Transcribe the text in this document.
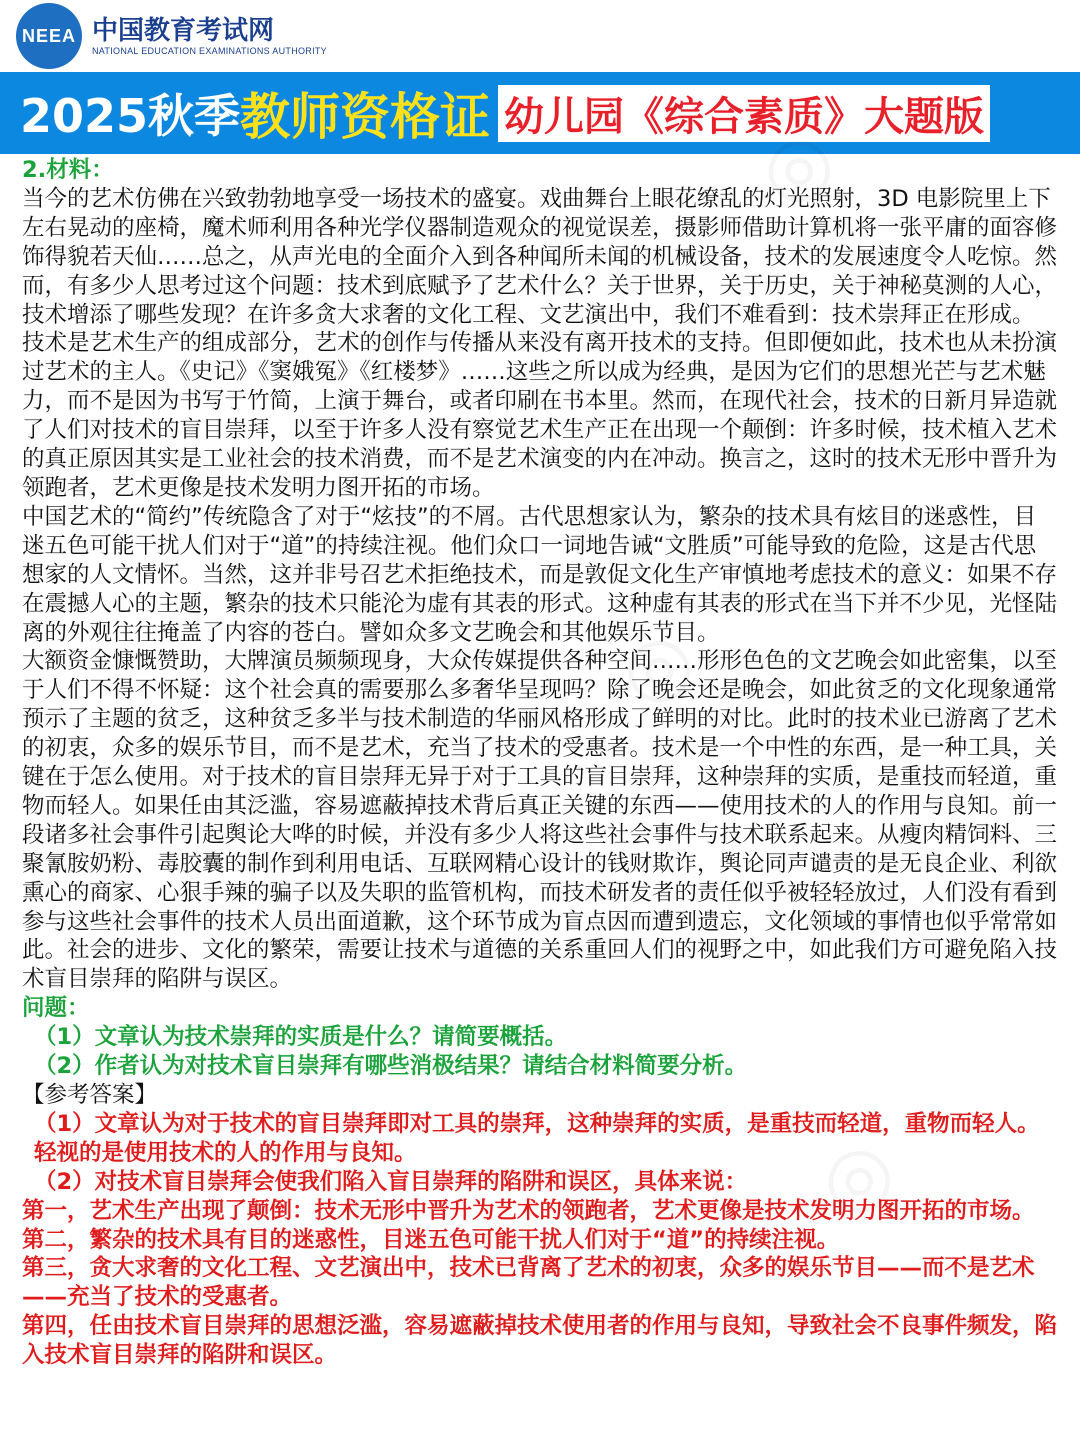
NEEA 中国教育考试网
NATIONAL EDUCATION EXAMINATIONS AUTHORITY
2025秋季 教师资格证 幼儿园《综合素质》大题版

2.材料：

当今的艺术仿佛在兴致勃勃地享受一场技术的盛宴。戏曲舞台上眼花缭乱的灯光照射，3D 电影院里上下左右晃动的座椅，魔术师利用各种光学仪器制造观众的视觉误差，摄影师借助计算机将一张平庸的面容修饰得貌若天仙……总之，从声光电的全面介入到各种闻所未闻的机械设备，技术的发展速度令人吃惊。然而，有多少人思考过这个问题：技术到底赋予了艺术什么？关于世界，关于历史，关于神秘莫测的人心，技术增添了哪些发现？在许多贪大求奢的文化工程、文艺演出中，我们不难看到：技术崇拜正在形成。

技术是艺术生产的组成部分，艺术的创作与传播从来没有离开技术的支持。但即便如此，技术也从未扮演过艺术的主人。《史记》《窦娥冤》《红楼梦》……这些之所以成为经典，是因为它们的思想光芒与艺术魅力，而不是因为书写于竹简，上演于舞台，或者印刷在书本里。然而，在现代社会，技术的日新月异造就了人们对技术的盲目崇拜，以至于许多人没有察觉艺术生产正在出现一个颠倒：许多时候，技术植入艺术的真正原因其实是工业社会的技术消费，而不是艺术演变的内在冲动。换言之，这时的技术无形中晋升为领跑者，艺术更像是技术发明力图开拓的市场。

中国艺术的“简约”传统隐含了对于“炫技”的不屑。古代思想家认为，繁杂的技术具有炫目的迷惑性，目迷五色可能干扰人们对于“道”的持续注视。他们众口一词地告诫“文胜质”可能导致的危险，这是古代思想家的人文情怀。当然，这并非号召艺术拒绝技术，而是敦促文化生产审慎地考虑技术的意义：如果不存在震撼人心的主题，繁杂的技术只能沦为虚有其表的形式。这种虚有其表的形式在当下并不少见，光怪陆离的外观往往掩盖了内容的苍白。譬如众多文艺晚会和其他娱乐节目。

大额资金慷慨赞助，大牌演员频频现身，大众传媒提供各种空间……形形色色的文艺晚会如此密集，以至于人们不得不怀疑：这个社会真的需要那么多奢华呈现吗？除了晚会还是晚会，如此贫乏的文化现象通常预示了主题的贫乏，这种贫乏多半与技术制造的华丽风格形成了鲜明的对比。此时的技术业已游离了艺术的初衷，众多的娱乐节目，而不是艺术，充当了技术的受惠者。技术是一个中性的东西，是一种工具，关键在于怎么使用。对于技术的盲目崇拜无异于对于工具的盲目崇拜，这种崇拜的实质，是重技而轻道，重物而轻人。如果任由其泛滥，容易遮蔽掉技术背后真正关键的东西——使用技术的人的作用与良知。前一段诸多社会事件引起舆论大哗的时候，并没有多少人将这些社会事件与技术联系起来。从瘦肉精饲料、三聚氰胺奶粉、毒胶囊的制作到利用电话、互联网精心设计的钱财欺诈，舆论同声谴责的是无良企业、利欲熏心的商家、心狠手辣的骗子以及失职的监管机构，而技术研发者的责任似乎被轻轻放过，人们没有看到参与这些社会事件的技术人员出面道歉，这个环节成为盲点因而遭到遗忘，文化领域的事情也似乎常常如此。社会的进步、文化的繁荣，需要让技术与道德的关系重回人们的视野之中，如此我们方可避免陷入技术盲目崇拜的陷阱与误区。

问题：

（1）文章认为技术崇拜的实质是什么？请简要概括。

（2）作者认为对技术盲目崇拜有哪些消极结果？请结合材料简要分析。

【参考答案】

（1）文章认为对于技术的盲目崇拜即对工具的崇拜，这种崇拜的实质，是重技而轻道，重物而轻人。轻视的是使用技术的人的作用与良知。

（2）对技术盲目崇拜会使我们陷入盲目崇拜的陷阱和误区，具体来说：

第一，艺术生产出现了颠倒：技术无形中晋升为艺术的领跑者，艺术更像是技术发明力图开拓的市场。

第二，繁杂的技术具有目的迷惑性，目迷五色可能干扰人们对于“道”的持续注视。

第三，贪大求奢的文化工程、文艺演出中，技术已背离了艺术的初衷，众多的娱乐节目——而不是艺术——充当了技术的受惠者。

第四，任由技术盲目崇拜的思想泛滥，容易遮蔽掉技术使用者的作用与良知，导致社会不良事件频发，陷入技术盲目崇拜的陷阱和误区。
